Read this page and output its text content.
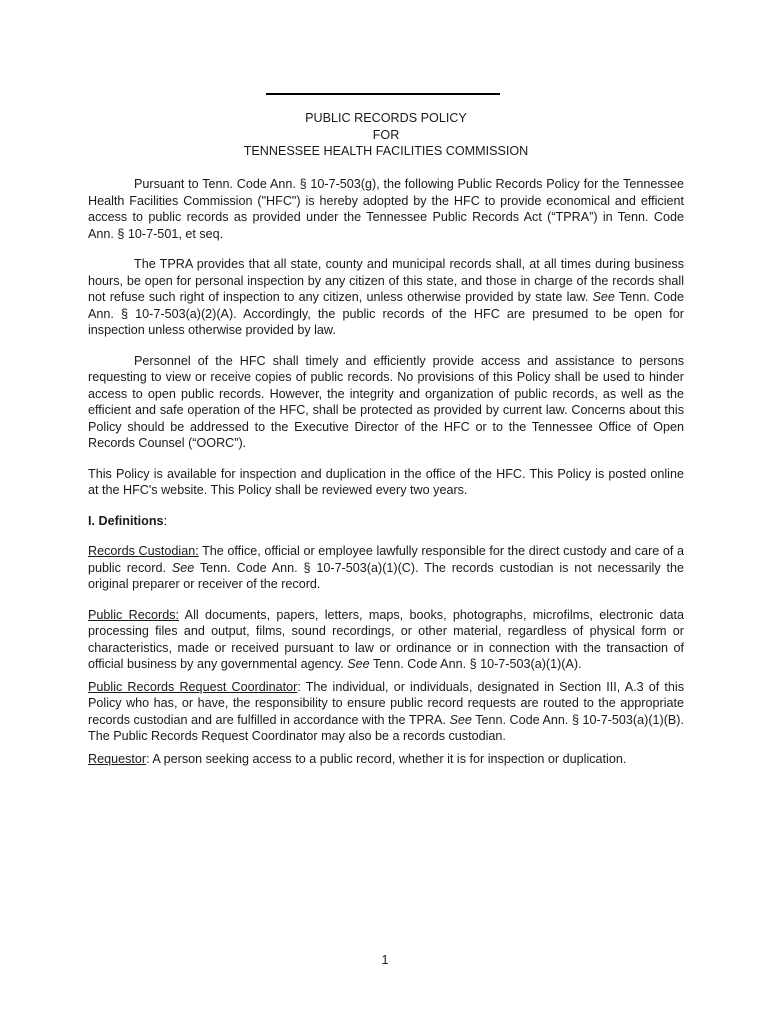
PUBLIC RECORDS POLICY
FOR
TENNESSEE HEALTH FACILITIES COMMISSION

Pursuant to Tenn. Code Ann. § 10-7-503(g), the following Public Records Policy for the Tennessee Health Facilities Commission ("HFC") is hereby adopted by the HFC to provide economical and efficient access to public records as provided under the Tennessee Public Records Act (“TPRA”) in Tenn. Code Ann. § 10-7-501, et seq.

The TPRA provides that all state, county and municipal records shall, at all times during business hours, be open for personal inspection by any citizen of this state, and those in charge of the records shall not refuse such right of inspection to any citizen, unless otherwise provided by state law. See Tenn. Code Ann. § 10-7-503(a)(2)(A). Accordingly, the public records of the HFC are presumed to be open for inspection unless otherwise provided by law.

Personnel of the HFC shall timely and efficiently provide access and assistance to persons requesting to view or receive copies of public records. No provisions of this Policy shall be used to hinder access to open public records. However, the integrity and organization of public records, as well as the efficient and safe operation of the HFC, shall be protected as provided by current law. Concerns about this Policy should be addressed to the Executive Director of the HFC or to the Tennessee Office of Open Records Counsel (“OORC”).

This Policy is available for inspection and duplication in the office of the HFC. This Policy is posted online at the HFC's website. This Policy shall be reviewed every two years.

I. Definitions:

Records Custodian: The office, official or employee lawfully responsible for the direct custody and care of a public record. See Tenn. Code Ann. § 10-7-503(a)(1)(C). The records custodian is not necessarily the original preparer or receiver of the record.

Public Records: All documents, papers, letters, maps, books, photographs, microfilms, electronic data processing files and output, films, sound recordings, or other material, regardless of physical form or characteristics, made or received pursuant to law or ordinance or in connection with the transaction of official business by any governmental agency. See Tenn. Code Ann. § 10-7-503(a)(1)(A).

Public Records Request Coordinator: The individual, or individuals, designated in Section III, A.3 of this Policy who has, or have, the responsibility to ensure public record requests are routed to the appropriate records custodian and are fulfilled in accordance with the TPRA. See Tenn. Code Ann. § 10-7-503(a)(1)(B). The Public Records Request Coordinator may also be a records custodian.

Requestor: A person seeking access to a public record, whether it is for inspection or duplication.

1
